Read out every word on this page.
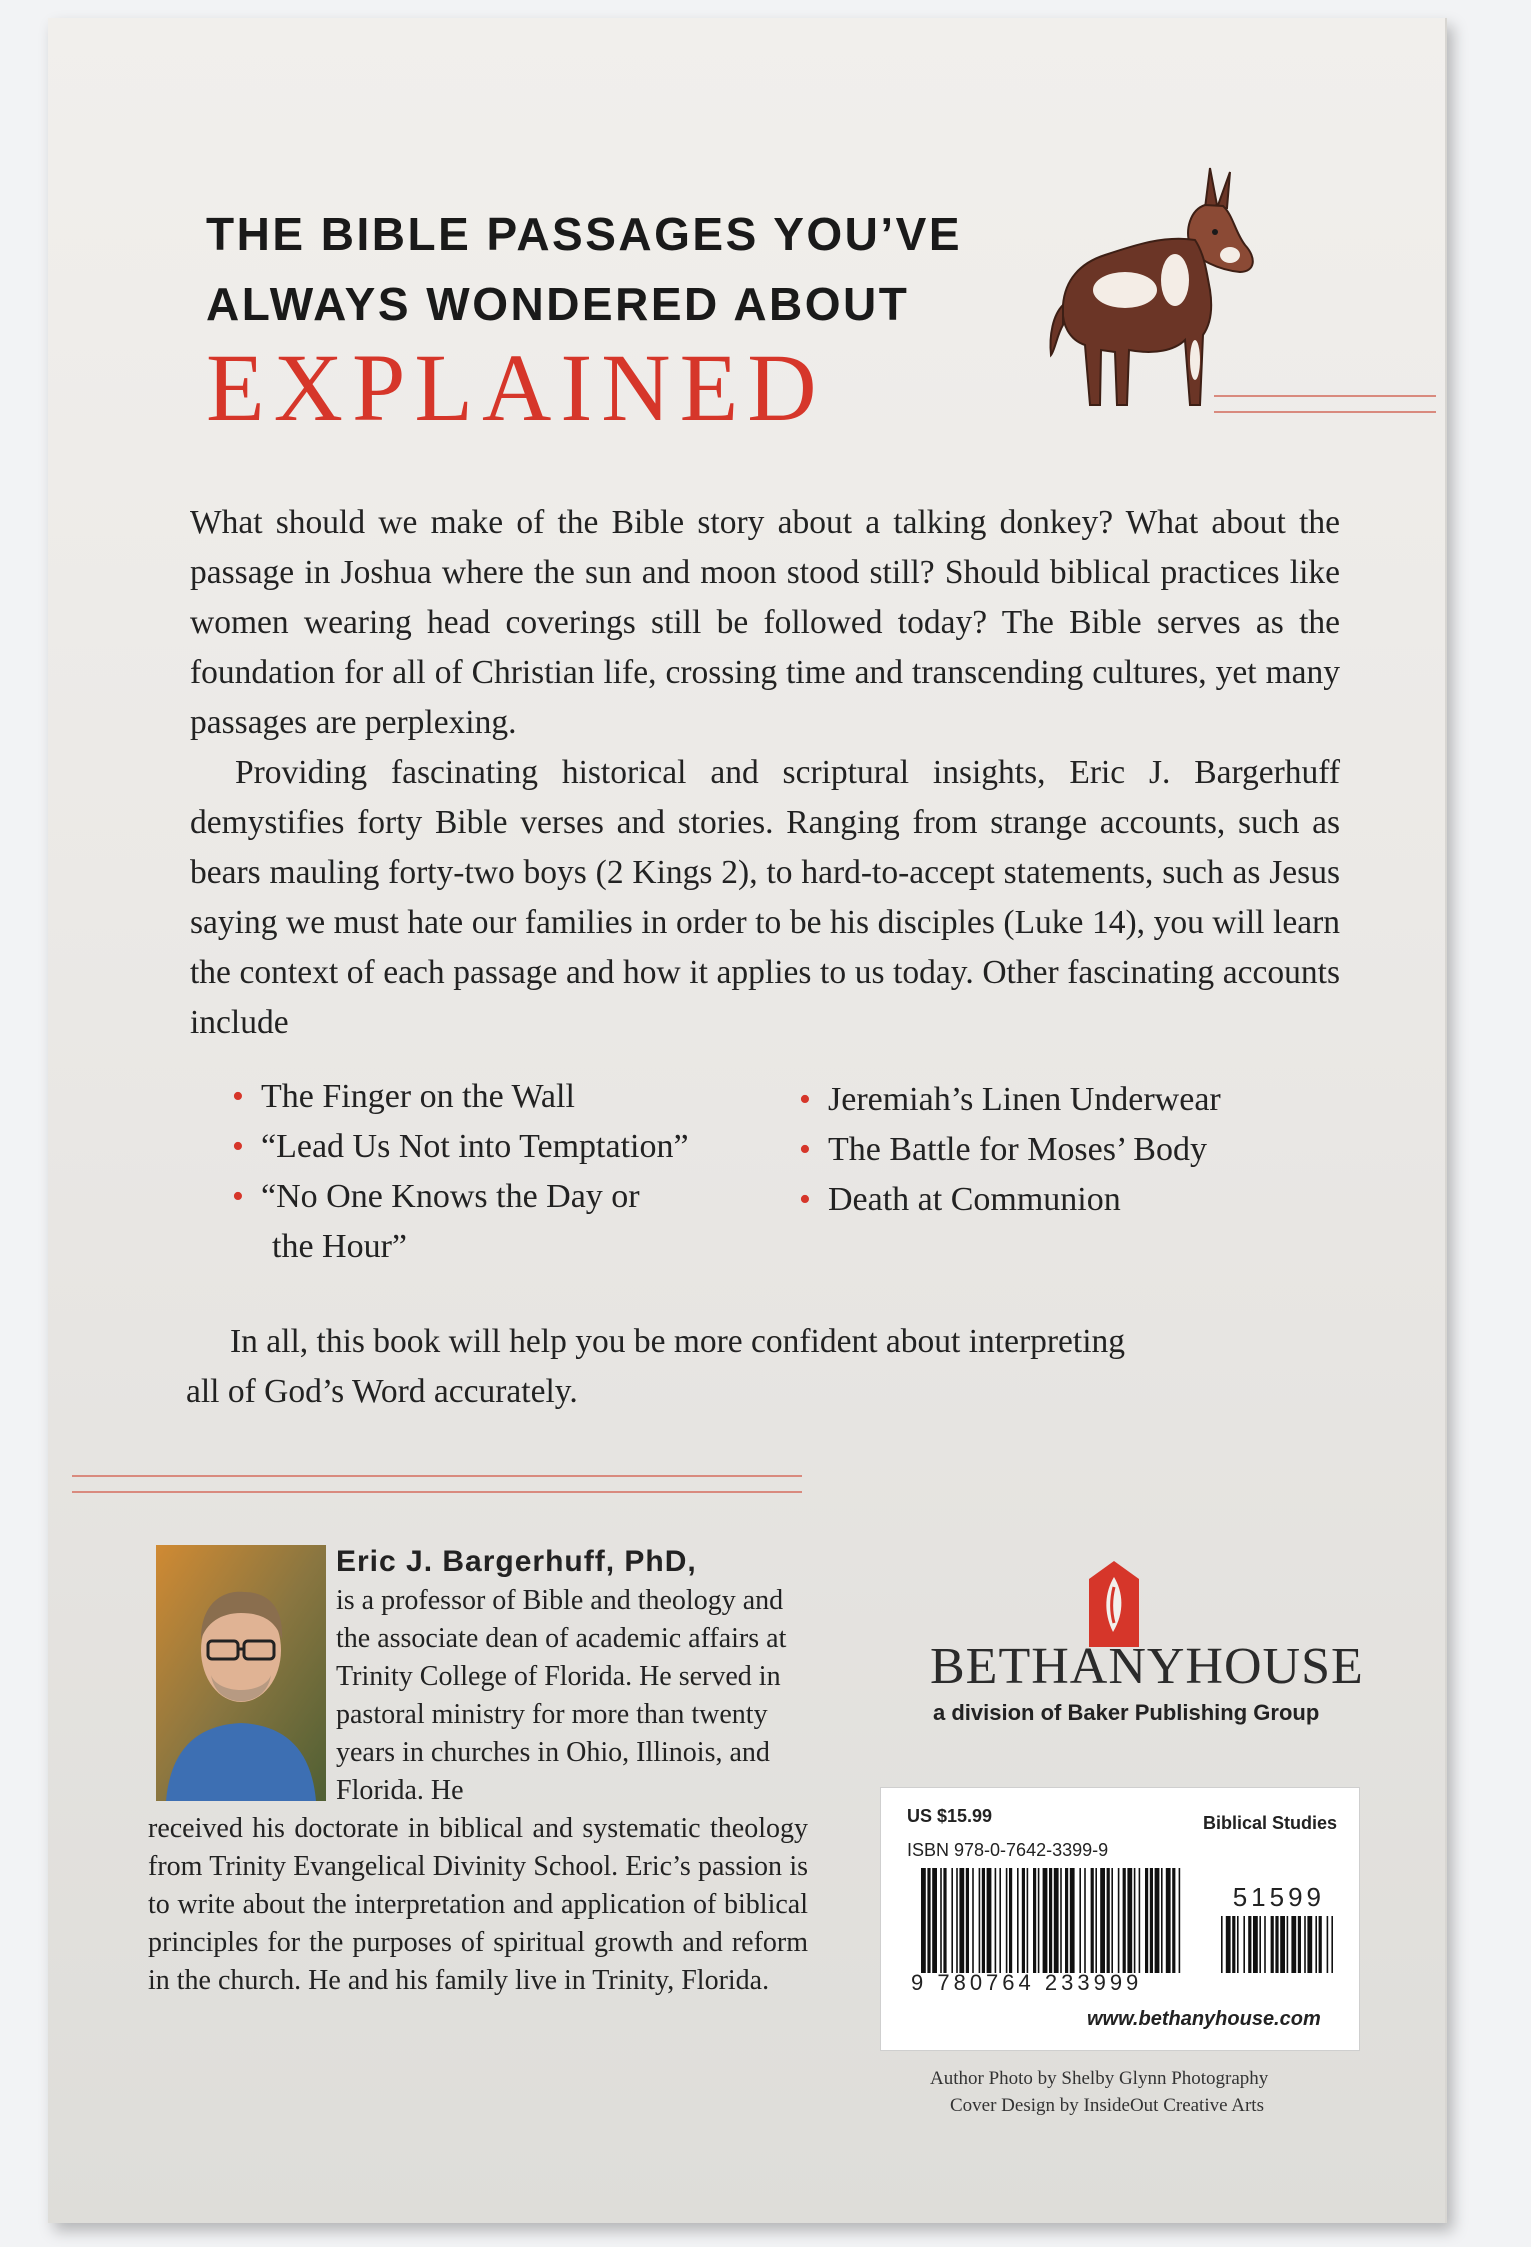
THE BIBLE PASSAGES YOU’VE
ALWAYS WONDERED ABOUT
EXPLAINED
What should we make of the Bible story about a talking donkey? What about the passage in Joshua where the sun and moon stood still? Should biblical practices like women wearing head coverings still be followed today? The Bible serves as the foundation for all of Christian life, crossing time and transcending cultures, yet many passages are perplexing.
Providing fascinating historical and scriptural insights, Eric J. Bargerhuff demystifies forty Bible verses and stories. Ranging from strange accounts, such as bears mauling forty-two boys (2 Kings 2), to hard-to-accept statements, such as Jesus saying we must hate our families in order to be his disciples (Luke 14), you will learn the context of each passage and how it applies to us today. Other fascinating accounts include
• The Finger on the Wall
• “Lead Us Not into Temptation”
• “No One Knows the Day or
the Hour”
• Jeremiah’s Linen Underwear
• The Battle for Moses’ Body
• Death at Communion
In all, this book will help you be more confident about interpreting
all of God’s Word accurately.
Eric J. Bargerhuff, PhD,
is a professor of Bible and theology and the associate dean of academic affairs at Trinity College of Florida. He served in pastoral ministry for more than twenty years in churches in Ohio, Illinois, and Florida. He
received his doctorate in biblical and systematic theology from Trinity Evangelical Divinity School. Eric’s passion is to write about the interpretation and application of biblical principles for the purposes of spiritual growth and reform in the church. He and his family live in Trinity, Florida.
BETHANYHOUSE
a division of Baker Publishing Group
US $15.99	Biblical Studies
ISBN 978-0-7642-3399-9
51599
9 780764 233999
www.bethanyhouse.com
Author Photo by Shelby Glynn Photography
Cover Design by InsideOut Creative Arts
